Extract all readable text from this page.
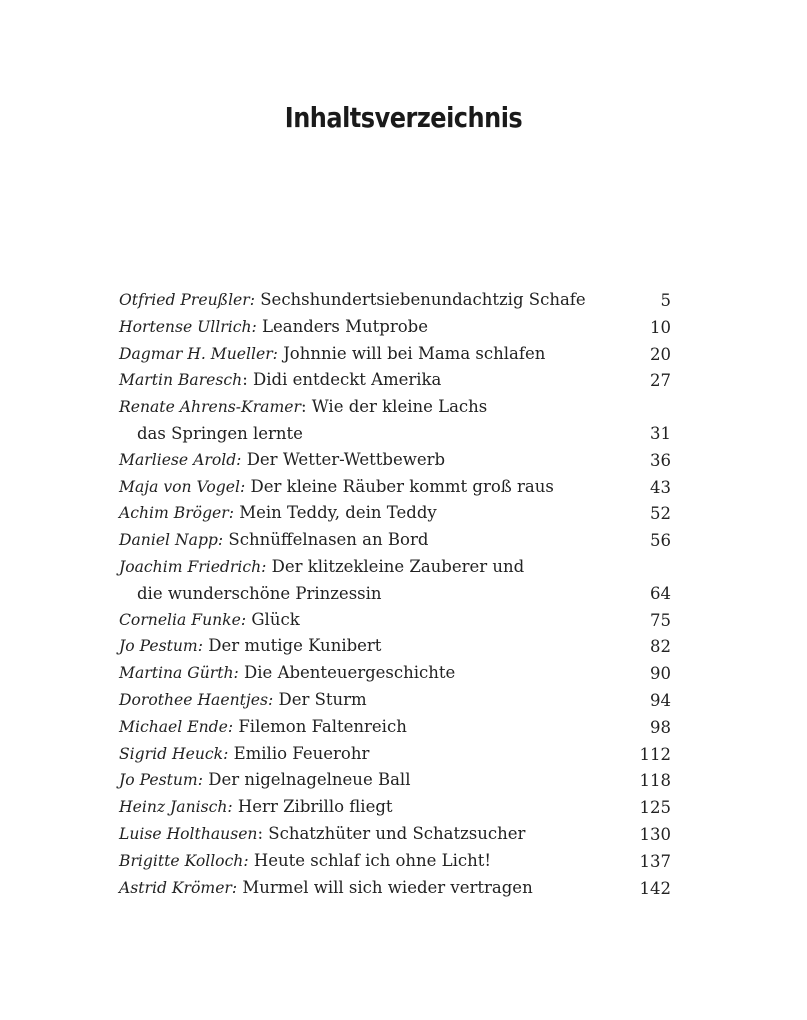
Inhaltsverzeichnis
Otfried Preußler: Sechshundertsiebenundachtzig Schafe	5
Hortense Ullrich: Leanders Mutprobe	10
Dagmar H. Mueller: Johnnie will bei Mama schlafen	20
Martin Baresch: Didi entdeckt Amerika	27
Renate Ahrens-Kramer: Wie der kleine Lachs
das Springen lernte	31
Marliese Arold: Der Wetter-Wettbewerb	36
Maja von Vogel: Der kleine Räuber kommt groß raus	43
Achim Bröger: Mein Teddy, dein Teddy	52
Daniel Napp: Schnüffelnasen an Bord	56
Joachim Friedrich: Der klitzekleine Zauberer und
die wunderschöne Prinzessin	64
Cornelia Funke: Glück	75
Jo Pestum: Der mutige Kunibert	82
Martina Gürth: Die Abenteuergeschichte	90
Dorothee Haentjes: Der Sturm	94
Michael Ende: Filemon Faltenreich	98
Sigrid Heuck: Emilio Feuerohr	112
Jo Pestum: Der nigelnagelneue Ball	118
Heinz Janisch: Herr Zibrillo fliegt	125
Luise Holthausen: Schatzhüter und Schatzsucher	130
Brigitte Kolloch: Heute schlaf ich ohne Licht!	137
Astrid Krömer: Murmel will sich wieder vertragen	142
